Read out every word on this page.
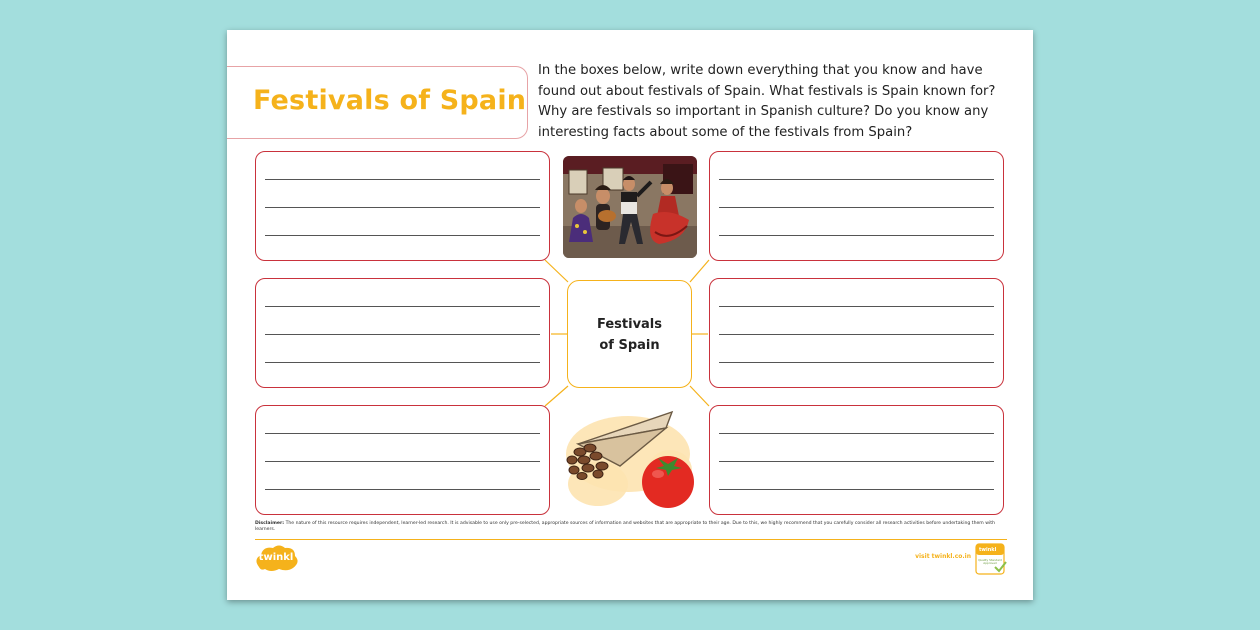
Festivals of Spain
In the boxes below, write down everything that you know and have found out about festivals of Spain. What festivals is Spain known for? Why are festivals so important in Spanish culture? Do you know any interesting facts about some of the festivals from Spain?
Festivals
of Spain
Disclaimer: The nature of this resource requires independent, learner-led research. It is advisable to use only pre-selected, appropriate sources of information and websites that are appropriate to their age. Due to this, we highly recommend that you carefully consider all research activities before undertaking them with learners.
twinkl	visit twinkl.co.in
twinkl
Quality Standard Approved
